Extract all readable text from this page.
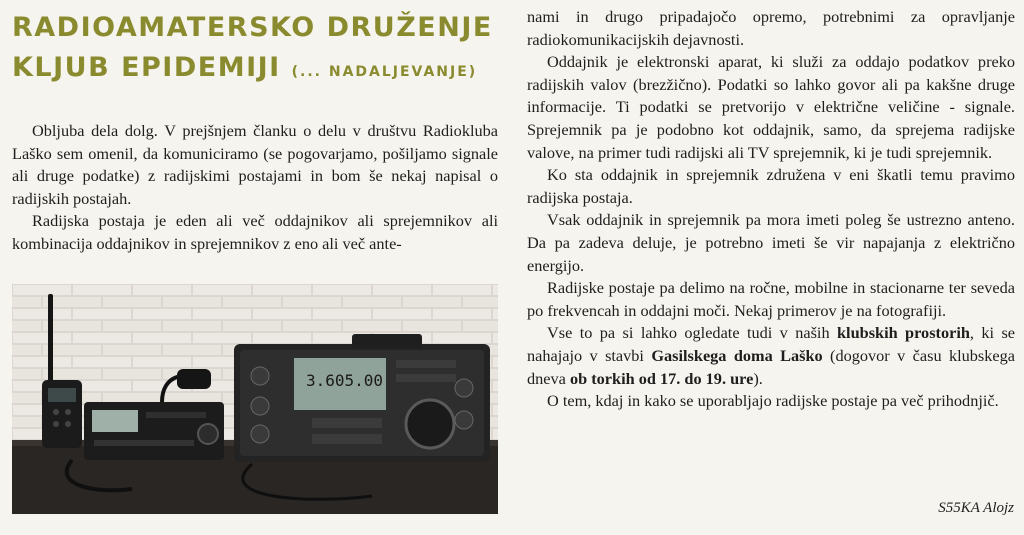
RADIOAMATERSKO DRUŽENJE
KLJUB EPIDEMIJI (... NADALJEVANJE)

Obljuba dela dolg. V prejšnjem članku o delu v društvu Radiokluba Laško sem omenil, da komuniciramo (se pogovarjamo, pošiljamo signale ali druge podatke) z radijskimi postajami in bom še nekaj napisal o radijskih postajah.

Radijska postaja je eden ali več oddajnikov ali sprejemnikov ali kombinacija oddajnikov in sprejemnikov z eno ali več ante-

3.605.00

nami in drugo pripadajočo opremo, potrebnimi za opravljanje radiokomunikacijskih dejavnosti.

Oddajnik je elektronski aparat, ki služi za oddajo podatkov preko radijskih valov (brezžično). Podatki so lahko govor ali pa kakšne druge informacije. Ti podatki se pretvorijo v električne veličine - signale. Sprejemnik pa je podobno kot oddajnik, samo, da sprejema radijske valove, na primer tudi radijski ali TV sprejemnik, ki je tudi sprejemnik.

Ko sta oddajnik in sprejemnik združena v eni škatli temu pravimo radijska postaja.

Vsak oddajnik in sprejemnik pa mora imeti poleg še ustrezno anteno. Da pa zadeva deluje, je potrebno imeti še vir napajanja z električno energijo.

Radijske postaje pa delimo na ročne, mobilne in stacionarne ter seveda po frekvencah in oddajni moči. Nekaj primerov je na fotografiji.

Vse to pa si lahko ogledate tudi v naših klubskih prostorih, ki se nahajajo v stavbi Gasilskega doma Laško (dogovor v času klubskega dneva ob torkih od 17. do 19. ure).

O tem, kdaj in kako se uporabljajo radijske postaje pa več prihodnjič.

S55KA Alojz
